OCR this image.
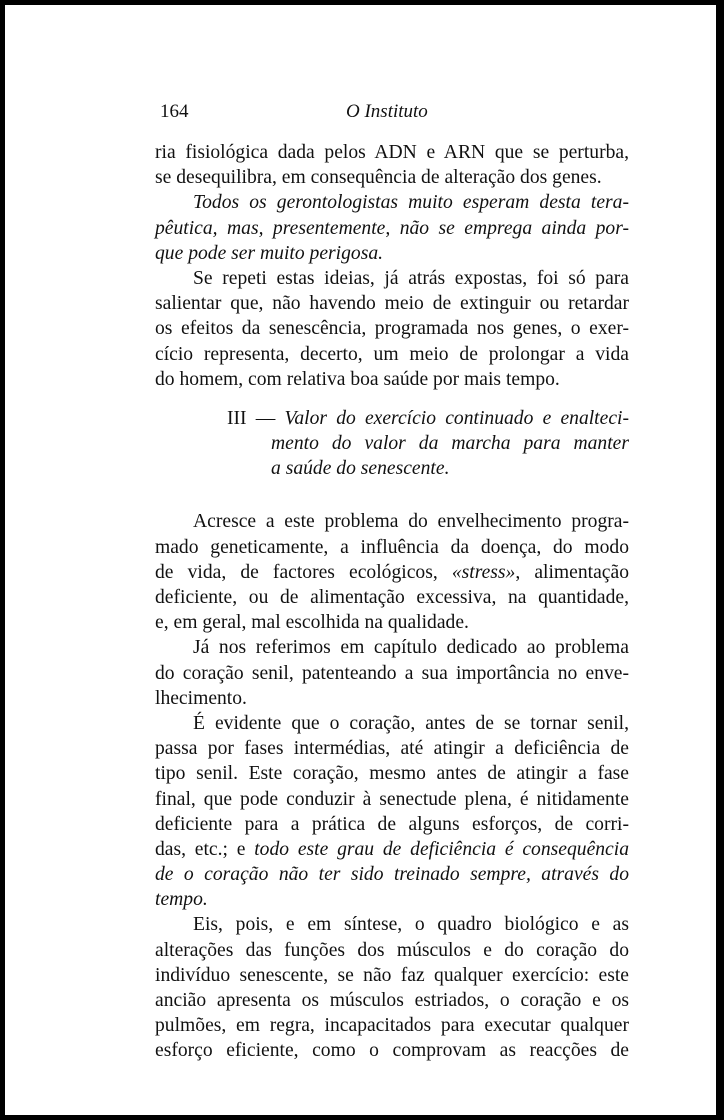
164	O Instituto
ria fisiológica dada pelos ADN e ARN que se perturba,
se desequilibra, em consequência de alteração dos genes.
Todos os gerontologistas muito esperam desta tera-
pêutica, mas, presentemente, não se emprega ainda por-
que pode ser muito perigosa.
Se repeti estas ideias, já atrás expostas, foi só para
salientar que, não havendo meio de extinguir ou retardar
os efeitos da senescência, programada nos genes, o exer-
cício representa, decerto, um meio de prolongar a vida
do homem, com relativa boa saúde por mais tempo.
III — Valor do exercício continuado e enalteci-
mento do valor da marcha para manter
a saúde do senescente.
Acresce a este problema do envelhecimento progra-
mado geneticamente, a influência da doença, do modo
de vida, de factores ecológicos, «stress», alimentação
deficiente, ou de alimentação excessiva, na quantidade,
e, em geral, mal escolhida na qualidade.
Já nos referimos em capítulo dedicado ao problema
do coração senil, patenteando a sua importância no enve-
lhecimento.
É evidente que o coração, antes de se tornar senil,
passa por fases intermédias, até atingir a deficiência de
tipo senil. Este coração, mesmo antes de atingir a fase
final, que pode conduzir à senectude plena, é nitidamente
deficiente para a prática de alguns esforços, de corri-
das, etc.; e todo este grau de deficiência é consequência
de o coração não ter sido treinado sempre, através do
tempo.
Eis, pois, e em síntese, o quadro biológico e as
alterações das funções dos músculos e do coração do
indivíduo senescente, se não faz qualquer exercício: este
ancião apresenta os músculos estriados, o coração e os
pulmões, em regra, incapacitados para executar qualquer
esforço eficiente, como o comprovam as reacções de
